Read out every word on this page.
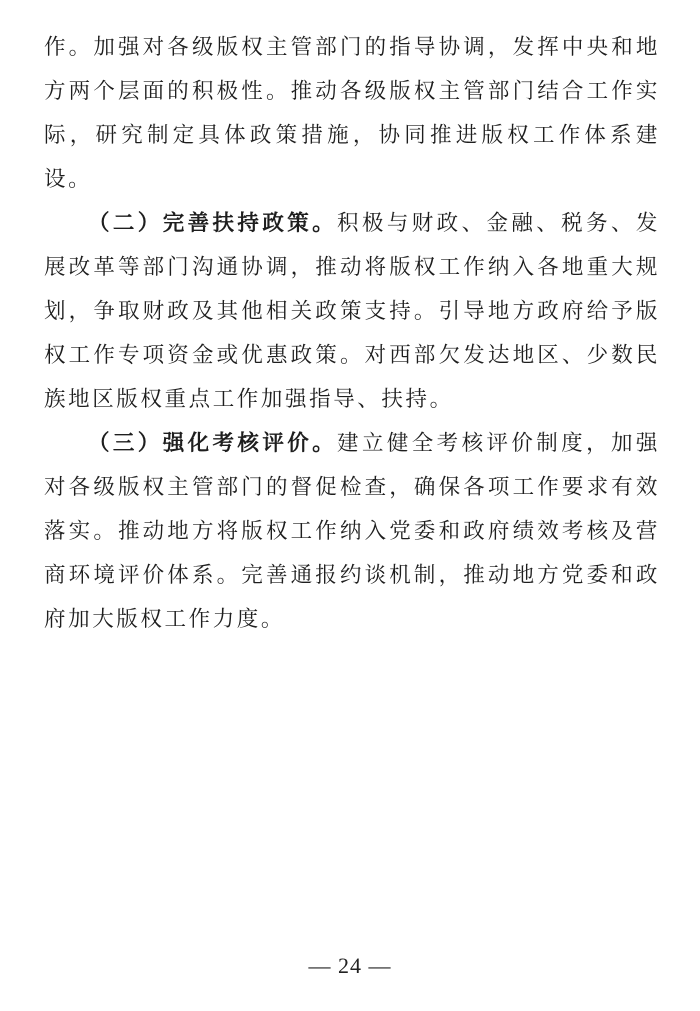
作。加强对各级版权主管部门的指导协调，发挥中央和地方两个层面的积极性。推动各级版权主管部门结合工作实际，研究制定具体政策措施，协同推进版权工作体系建设。

（二）完善扶持政策。积极与财政、金融、税务、发展改革等部门沟通协调，推动将版权工作纳入各地重大规划，争取财政及其他相关政策支持。引导地方政府给予版权工作专项资金或优惠政策。对西部欠发达地区、少数民族地区版权重点工作加强指导、扶持。

（三）强化考核评价。建立健全考核评价制度，加强对各级版权主管部门的督促检查，确保各项工作要求有效落实。推动地方将版权工作纳入党委和政府绩效考核及营商环境评价体系。完善通报约谈机制，推动地方党委和政府加大版权工作力度。

— 24 —
